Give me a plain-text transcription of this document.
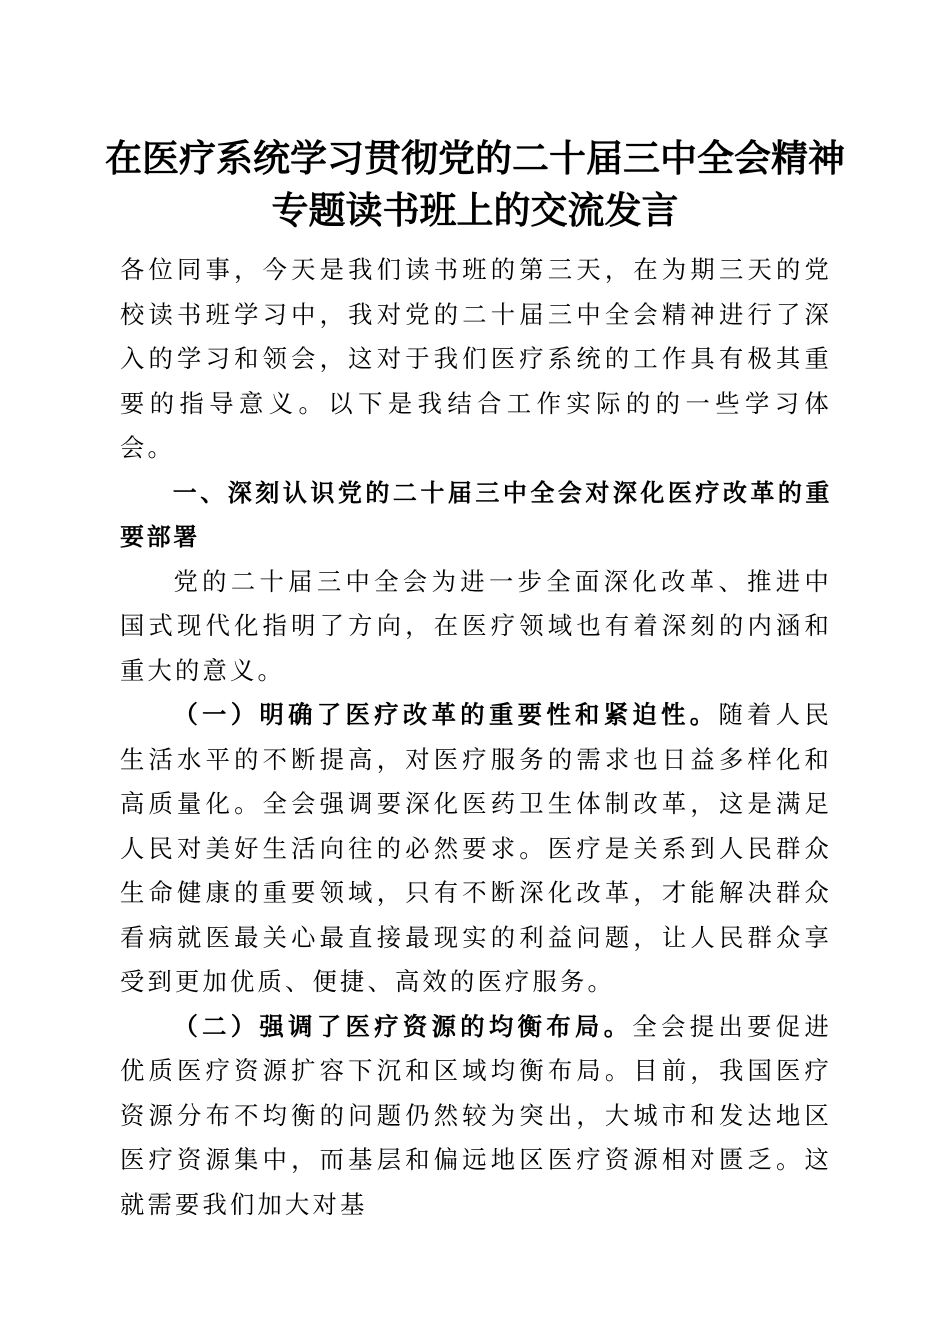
在医疗系统学习贯彻党的二十届三中全会精神
专题读书班上的交流发言

各位同事，今天是我们读书班的第三天，在为期三天的党校读书班学习中，我对党的二十届三中全会精神进行了深入的学习和领会，这对于我们医疗系统的工作具有极其重要的指导意义。以下是我结合工作实际的的一些学习体会。

一、深刻认识党的二十届三中全会对深化医疗改革的重要部署

党的二十届三中全会为进一步全面深化改革、推进中国式现代化指明了方向，在医疗领域也有着深刻的内涵和重大的意义。

（一）明确了医疗改革的重要性和紧迫性。随着人民生活水平的不断提高，对医疗服务的需求也日益多样化和高质量化。全会强调要深化医药卫生体制改革，这是满足人民对美好生活向往的必然要求。医疗是关系到人民群众生命健康的重要领域，只有不断深化改革，才能解决群众看病就医最关心最直接最现实的利益问题，让人民群众享受到更加优质、便捷、高效的医疗服务。

（二）强调了医疗资源的均衡布局。全会提出要促进优质医疗资源扩容下沉和区域均衡布局。目前，我国医疗资源分布不均衡的问题仍然较为突出，大城市和发达地区医疗资源集中，而基层和偏远地区医疗资源相对匮乏。这就需要我们加大对基
